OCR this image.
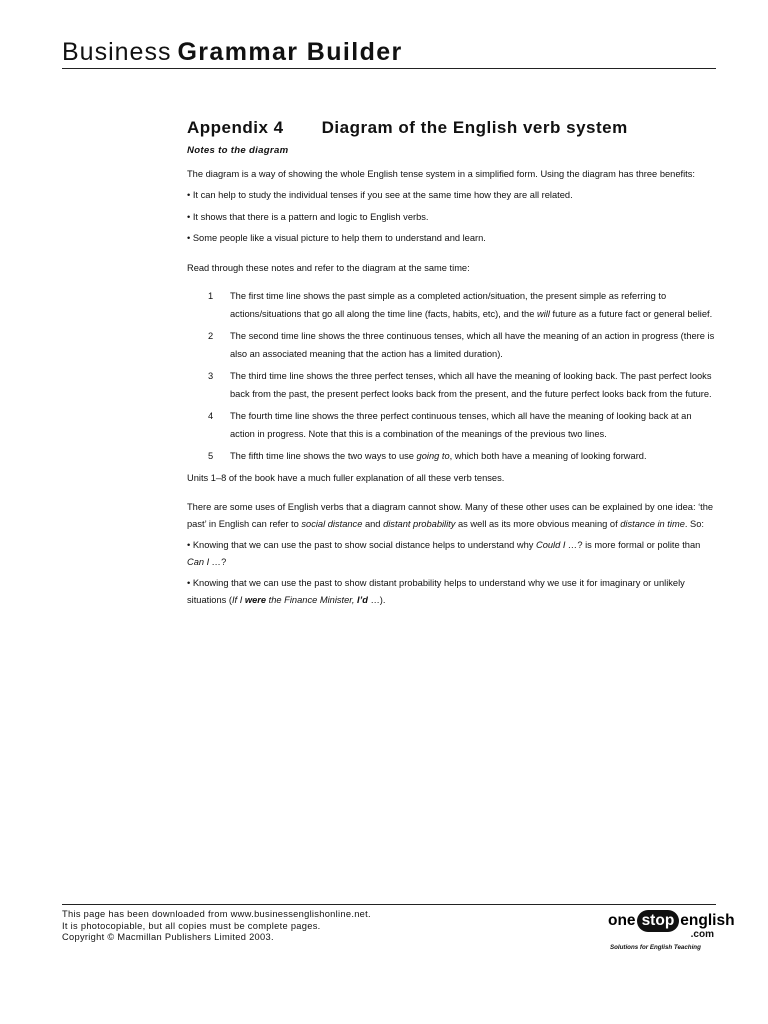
Business Grammar Builder
Appendix 4 Diagram of the English verb system
Notes to the diagram

The diagram is a way of showing the whole English tense system in a simplified form. Using the diagram has three benefits:

• It can help to study the individual tenses if you see at the same time how they are all related.

• It shows that there is a pattern and logic to English verbs.

• Some people like a visual picture to help them to understand and learn.

Read through these notes and refer to the diagram at the same time:

1	The first time line shows the past simple as a completed action/situation, the present simple as referring to actions/situations that go all along the time line (facts, habits, etc), and the will future as a future fact or general belief.
2	The second time line shows the three continuous tenses, which all have the meaning of an action in progress (there is also an associated meaning that the action has a limited duration).
3	The third time line shows the three perfect tenses, which all have the meaning of looking back. The past perfect looks back from the past, the present perfect looks back from the present, and the future perfect looks back from the future.
4	The fourth time line shows the three perfect continuous tenses, which all have the meaning of looking back at an action in progress. Note that this is a combination of the meanings of the previous two lines.
5	The fifth time line shows the two ways to use going to, which both have a meaning of looking forward.

Units 1–8 of the book have a much fuller explanation of all these verb tenses.

There are some uses of English verbs that a diagram cannot show. Many of these other uses can be explained by one idea: ‘the past’ in English can refer to social distance and distant probability as well as its more obvious meaning of distance in time. So:

• Knowing that we can use the past to show social distance helps to understand why Could I …? is more formal or polite than Can I …?

• Knowing that we can use the past to show distant probability helps to understand why we use it for imaginary or unlikely situations (If I were the Finance Minister, I’d …).

This page has been downloaded from www.businessenglishonline.net.
It is photocopiable, but all copies must be complete pages.
Copyright © Macmillan Publishers Limited 2003.
one stop english
.com
Solutions for English Teaching
